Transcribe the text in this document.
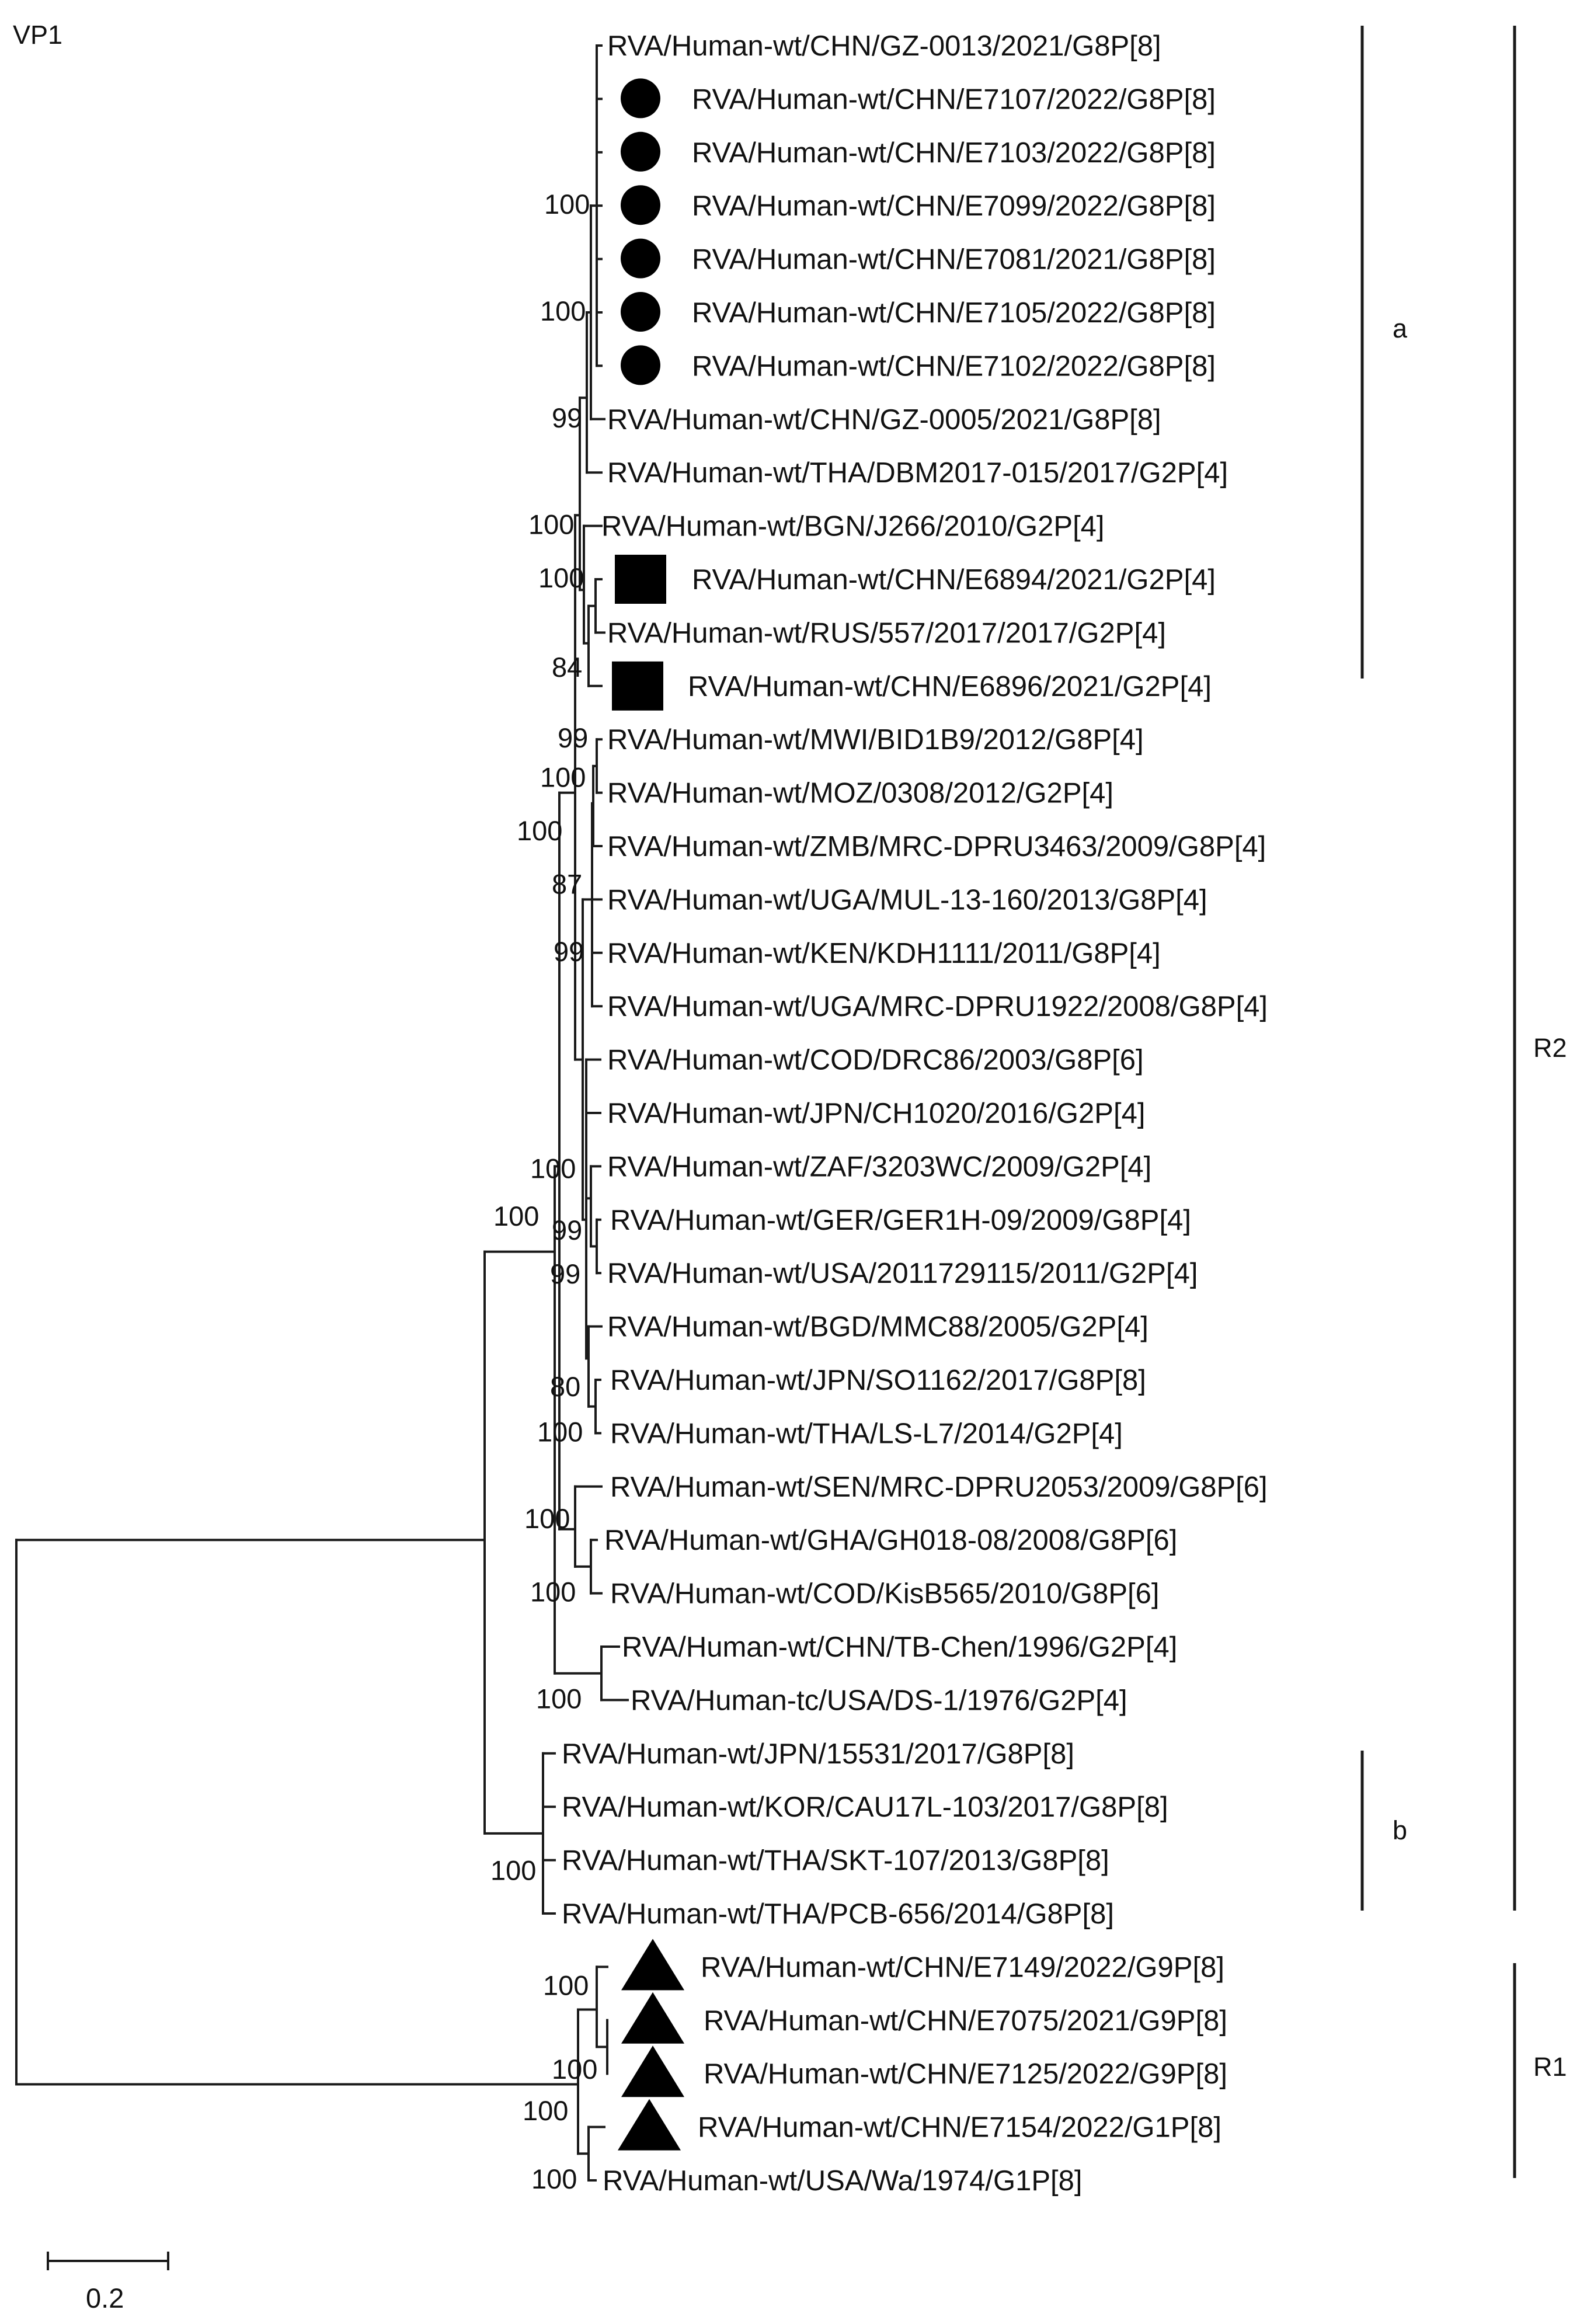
VP1	RVA/Human-wt/CHN/GZ-0013/2021/G8P[8]
RVA/Human-wt/CHN/E7107/2022/G8P[8]
RVA/Human-wt/CHN/E7103/2022/G8P[8]
RVA/Human-wt/CHN/E7099/2022/G8P[8]
RVA/Human-wt/CHN/E7081/2021/G8P[8]
RVA/Human-wt/CHN/E7105/2022/G8P[8]
RVA/Human-wt/CHN/E7102/2022/G8P[8]
RVA/Human-wt/CHN/GZ-0005/2021/G8P[8]
RVA/Human-wt/THA/DBM2017-015/2017/G2P[4]
RVA/Human-wt/BGN/J266/2010/G2P[4]
RVA/Human-wt/CHN/E6894/2021/G2P[4]
RVA/Human-wt/RUS/557/2017/2017/G2P[4]
RVA/Human-wt/CHN/E6896/2021/G2P[4]
RVA/Human-wt/MWI/BID1B9/2012/G8P[4]
RVA/Human-wt/MOZ/0308/2012/G2P[4]
RVA/Human-wt/ZMB/MRC-DPRU3463/2009/G8P[4]
RVA/Human-wt/UGA/MUL-13-160/2013/G8P[4]
RVA/Human-wt/KEN/KDH1111/2011/G8P[4]
RVA/Human-wt/UGA/MRC-DPRU1922/2008/G8P[4]
RVA/Human-wt/COD/DRC86/2003/G8P[6]
RVA/Human-wt/JPN/CH1020/2016/G2P[4]
RVA/Human-wt/ZAF/3203WC/2009/G2P[4]
RVA/Human-wt/GER/GER1H-09/2009/G8P[4]
RVA/Human-wt/USA/2011729115/2011/G2P[4]
RVA/Human-wt/BGD/MMC88/2005/G2P[4]
RVA/Human-wt/JPN/SO1162/2017/G8P[8]
RVA/Human-wt/THA/LS-L7/2014/G2P[4]
RVA/Human-wt/SEN/MRC-DPRU2053/2009/G8P[6]
RVA/Human-wt/GHA/GH018-08/2008/G8P[6]
RVA/Human-wt/COD/KisB565/2010/G8P[6]
RVA/Human-wt/CHN/TB-Chen/1996/G2P[4]
RVA/Human-tc/USA/DS-1/1976/G2P[4]
RVA/Human-wt/JPN/15531/2017/G8P[8]
RVA/Human-wt/KOR/CAU17L-103/2017/G8P[8]
RVA/Human-wt/THA/SKT-107/2013/G8P[8]
RVA/Human-wt/THA/PCB-656/2014/G8P[8]
RVA/Human-wt/CHN/E7149/2022/G9P[8]
RVA/Human-wt/CHN/E7075/2021/G9P[8]
RVA/Human-wt/CHN/E7125/2022/G9P[8]
RVA/Human-wt/CHN/E7154/2022/G1P[8]
RVA/Human-wt/USA/Wa/1974/G1P[8]
100
100
99
100
100
84
99
100
100
87
99
100
100 99
99
80
100
100
100
100
100
100
100
100
100
a
b
R2
R1
0.2
